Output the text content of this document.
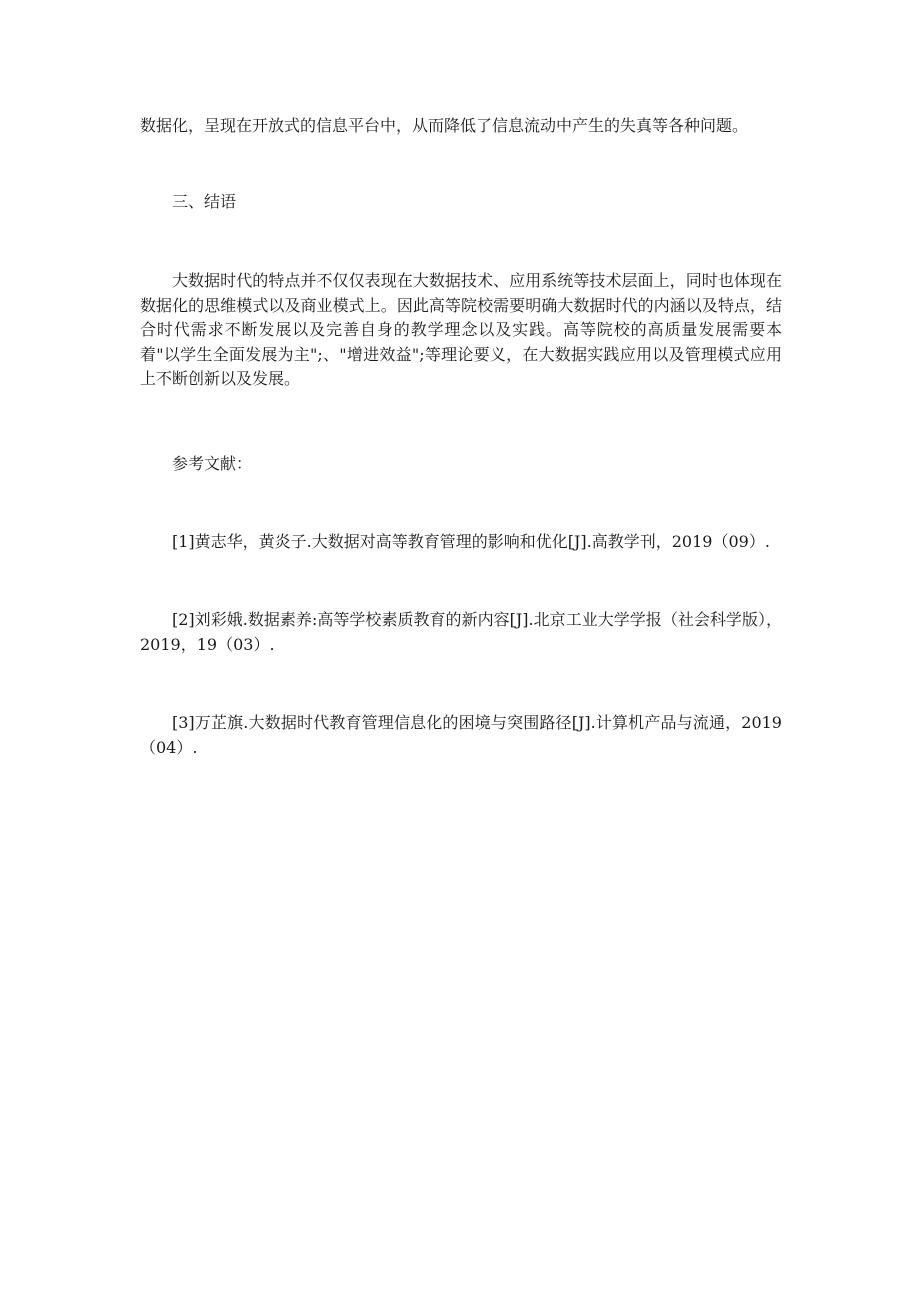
数据化，呈现在开放式的信息平台中，从而降低了信息流动中产生的失真等各种问题。

三、结语

大数据时代的特点并不仅仅表现在大数据技术、应用系统等技术层面上，同时也体现在数据化的思维模式以及商业模式上。因此高等院校需要明确大数据时代的内涵以及特点，结合时代需求不断发展以及完善自身的教学理念以及实践。高等院校的高质量发展需要本着"以学生全面发展为主";、"增进效益";等理论要义，在大数据实践应用以及管理模式应用上不断创新以及发展。

参考文献：

[1]黄志华，黄炎子.大数据对高等教育管理的影响和优化[J].高教学刊，2019（09）.

[2]刘彩娥.数据素养:高等学校素质教育的新内容[J].北京工业大学学报（社会科学版），2019，19（03）.

[3]万芷旗.大数据时代教育管理信息化的困境与突围路径[J].计算机产品与流通，2019（04）.
